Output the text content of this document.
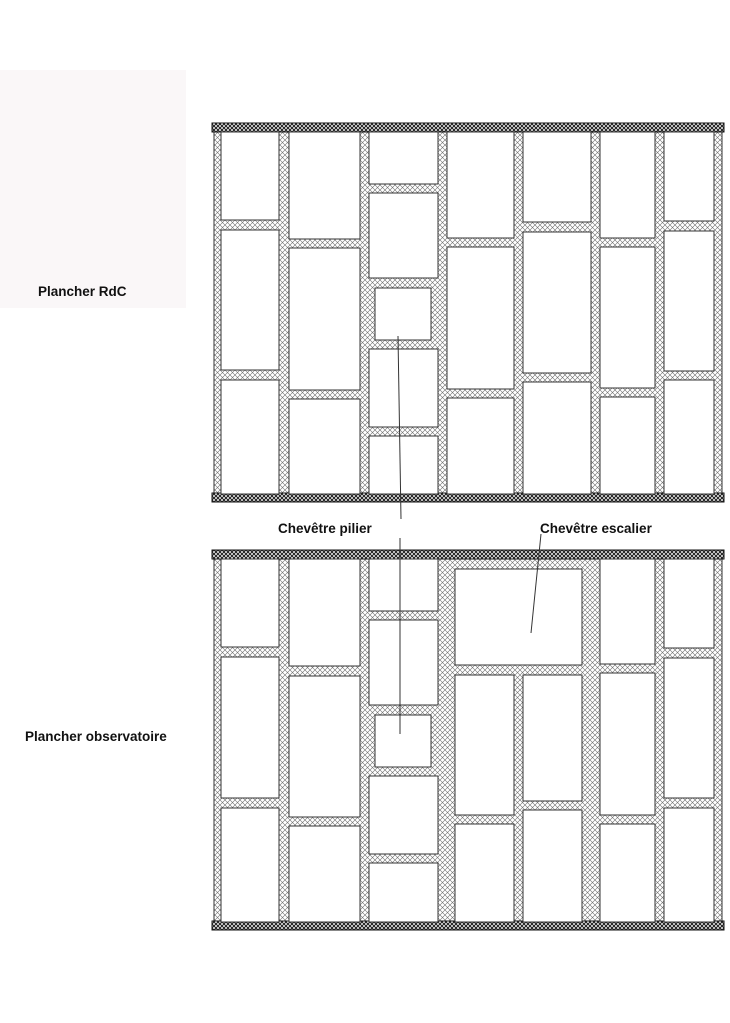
Plancher RdC
Plancher observatoire
Chevêtre pilier	Chevêtre escalier
